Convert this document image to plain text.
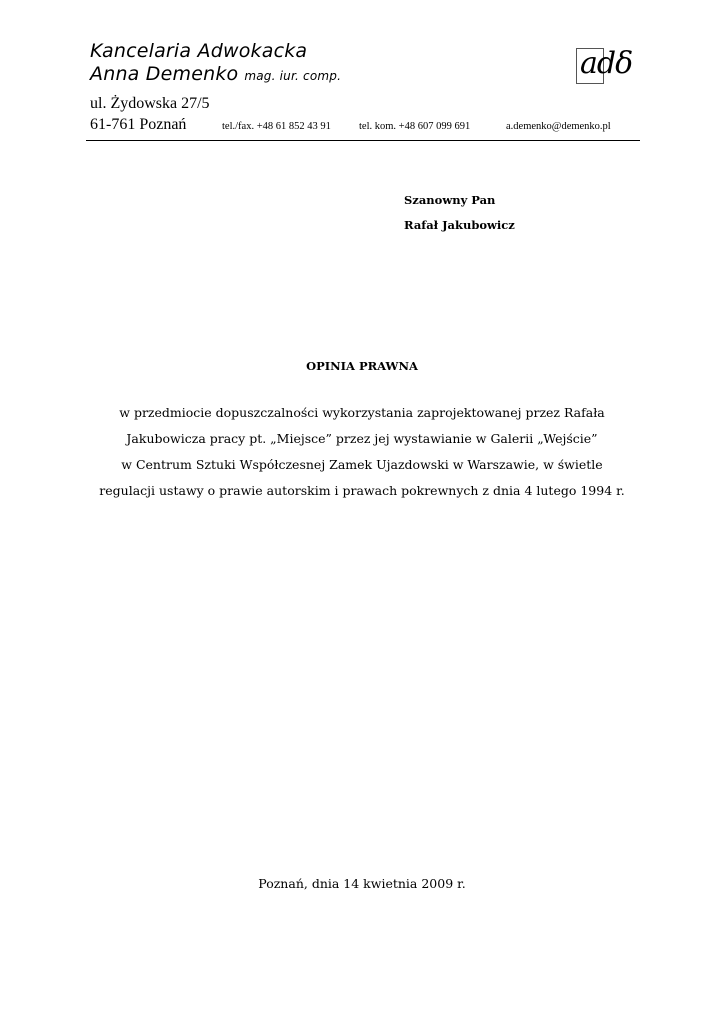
Kancelaria Adwokacka
Anna Demenko mag. iur. comp.
ul. Żydowska 27/5
61-761 Poznań	tel./fax. +48 61 852 43 91	tel. kom. +48 607 099 691	a.demenko@demenko.pl
adδ
Szanowny Pan
Rafał Jakubowicz
OPINIA PRAWNA
w przedmiocie dopuszczalności wykorzystania zaprojektowanej przez Rafała
Jakubowicza pracy pt. „Miejsce” przez jej wystawianie w Galerii „Wejście”
w Centrum Sztuki Współczesnej Zamek Ujazdowski w Warszawie, w świetle
regulacji ustawy o prawie autorskim i prawach pokrewnych z dnia 4 lutego 1994 r.
Poznań, dnia 14 kwietnia 2009 r.
